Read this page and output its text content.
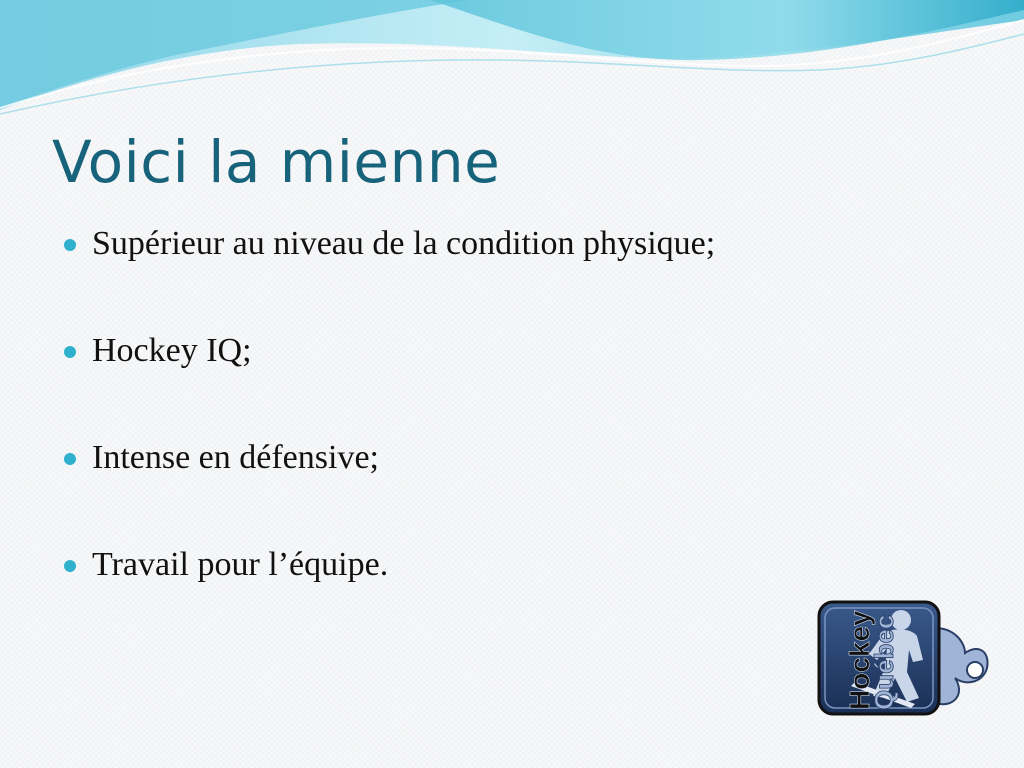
Voici la mienne
Supérieur au niveau de la condition physique;
Hockey IQ;
Intense en défensive;
Travail pour l’équipe.
Hockey
Québec
